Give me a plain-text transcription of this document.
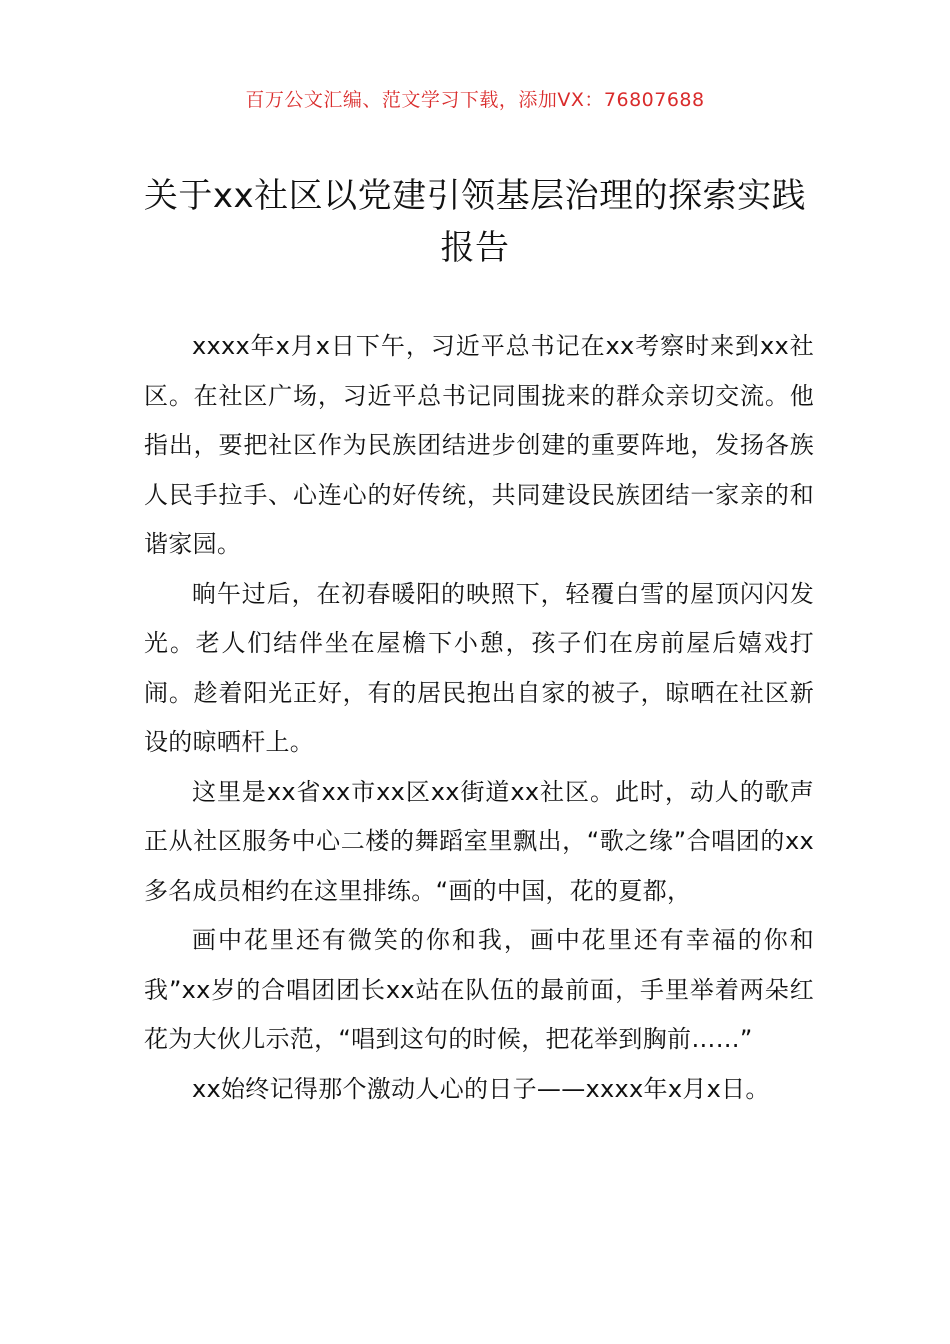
百万公文汇编、范文学习下载，添加VX：76807688
关于xx社区以党建引领基层治理的探索实践报告

xxxx年x月x日下午，习近平总书记在xx考察时来到xx社区。在社区广场，习近平总书记同围拢来的群众亲切交流。他指出，要把社区作为民族团结进步创建的重要阵地，发扬各族人民手拉手、心连心的好传统，共同建设民族团结一家亲的和谐家园。

晌午过后，在初春暖阳的映照下，轻覆白雪的屋顶闪闪发光。老人们结伴坐在屋檐下小憩，孩子们在房前屋后嬉戏打闹。趁着阳光正好，有的居民抱出自家的被子，晾晒在社区新设的晾晒杆上。

这里是xx省xx市xx区xx街道xx社区。此时，动人的歌声正从社区服务中心二楼的舞蹈室里飘出，“歌之缘”合唱团的xx多名成员相约在这里排练。“画的中国，花的夏都，

画中花里还有微笑的你和我，画中花里还有幸福的你和我”xx岁的合唱团团长xx站在队伍的最前面，手里举着两朵红花为大伙儿示范，“唱到这句的时候，把花举到胸前……”

xx始终记得那个激动人心的日子——xxxx年x月x日。
